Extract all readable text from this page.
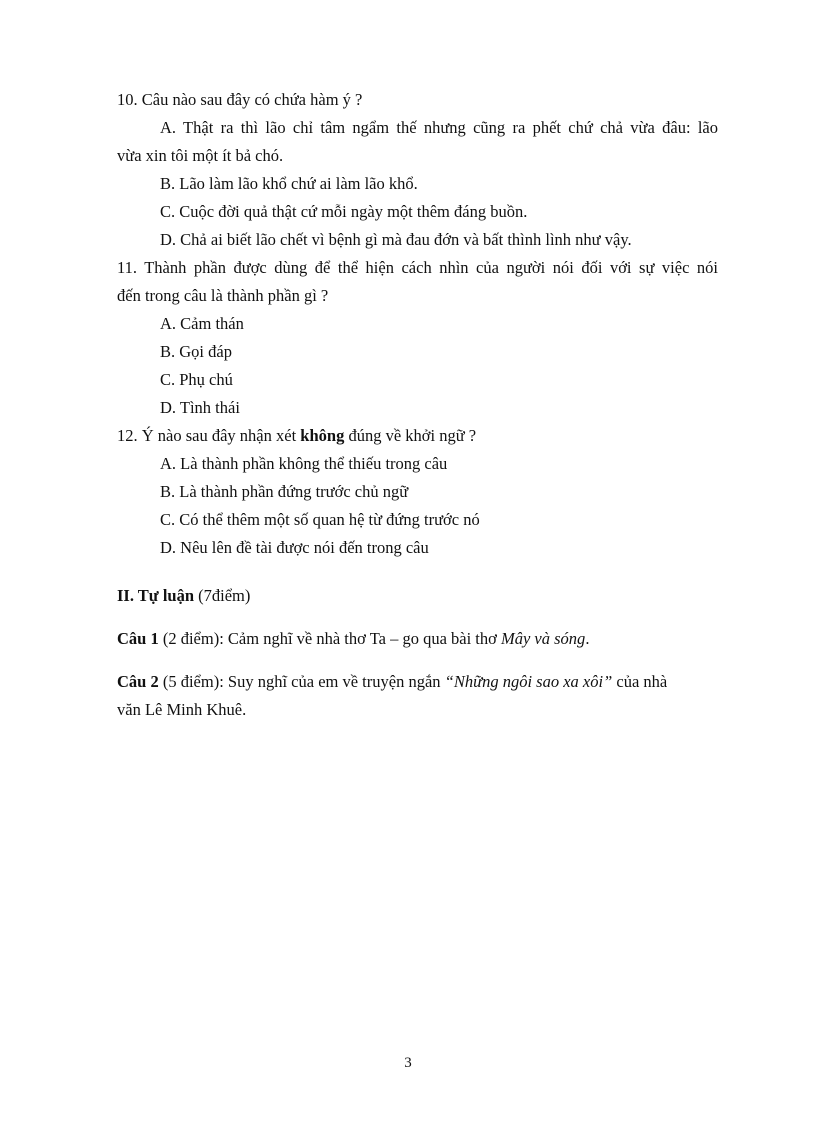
10. Câu nào sau đây có chứa hàm ý ?
A. Thật ra thì lão chỉ tâm ngẩm thế nhưng cũng ra phết chứ chả vừa đâu: lão
vừa xin tôi một ít bả chó.
B. Lão làm lão khổ chứ ai làm lão khổ.
C. Cuộc đời quả thật cứ mỗi ngày một thêm đáng buồn.
D. Chả ai biết lão chết vì bệnh gì mà đau đớn và bất thình lình như vậy.
11. Thành phần được dùng để thể hiện cách nhìn của người nói đối với sự việc nói
đến trong câu là thành phần gì ?
A. Cảm thán
B. Gọi đáp
C. Phụ chú
D. Tình thái
12. Ý nào sau đây nhận xét không đúng về khởi ngữ ?
A. Là thành phần không thể thiếu trong câu
B. Là thành phần đứng trước chủ ngữ
C. Có thể thêm một số quan hệ từ đứng trước nó
D. Nêu lên đề tài được nói đến trong câu
II. Tự luận (7điểm)
Câu 1 (2 điểm): Cảm nghĩ về nhà thơ Ta – go qua bài thơ Mây và sóng.
Câu 2 (5 điểm): Suy nghĩ của em về truyện ngắn “Những ngôi sao xa xôi” của nhà
văn Lê Minh Khuê.
3
